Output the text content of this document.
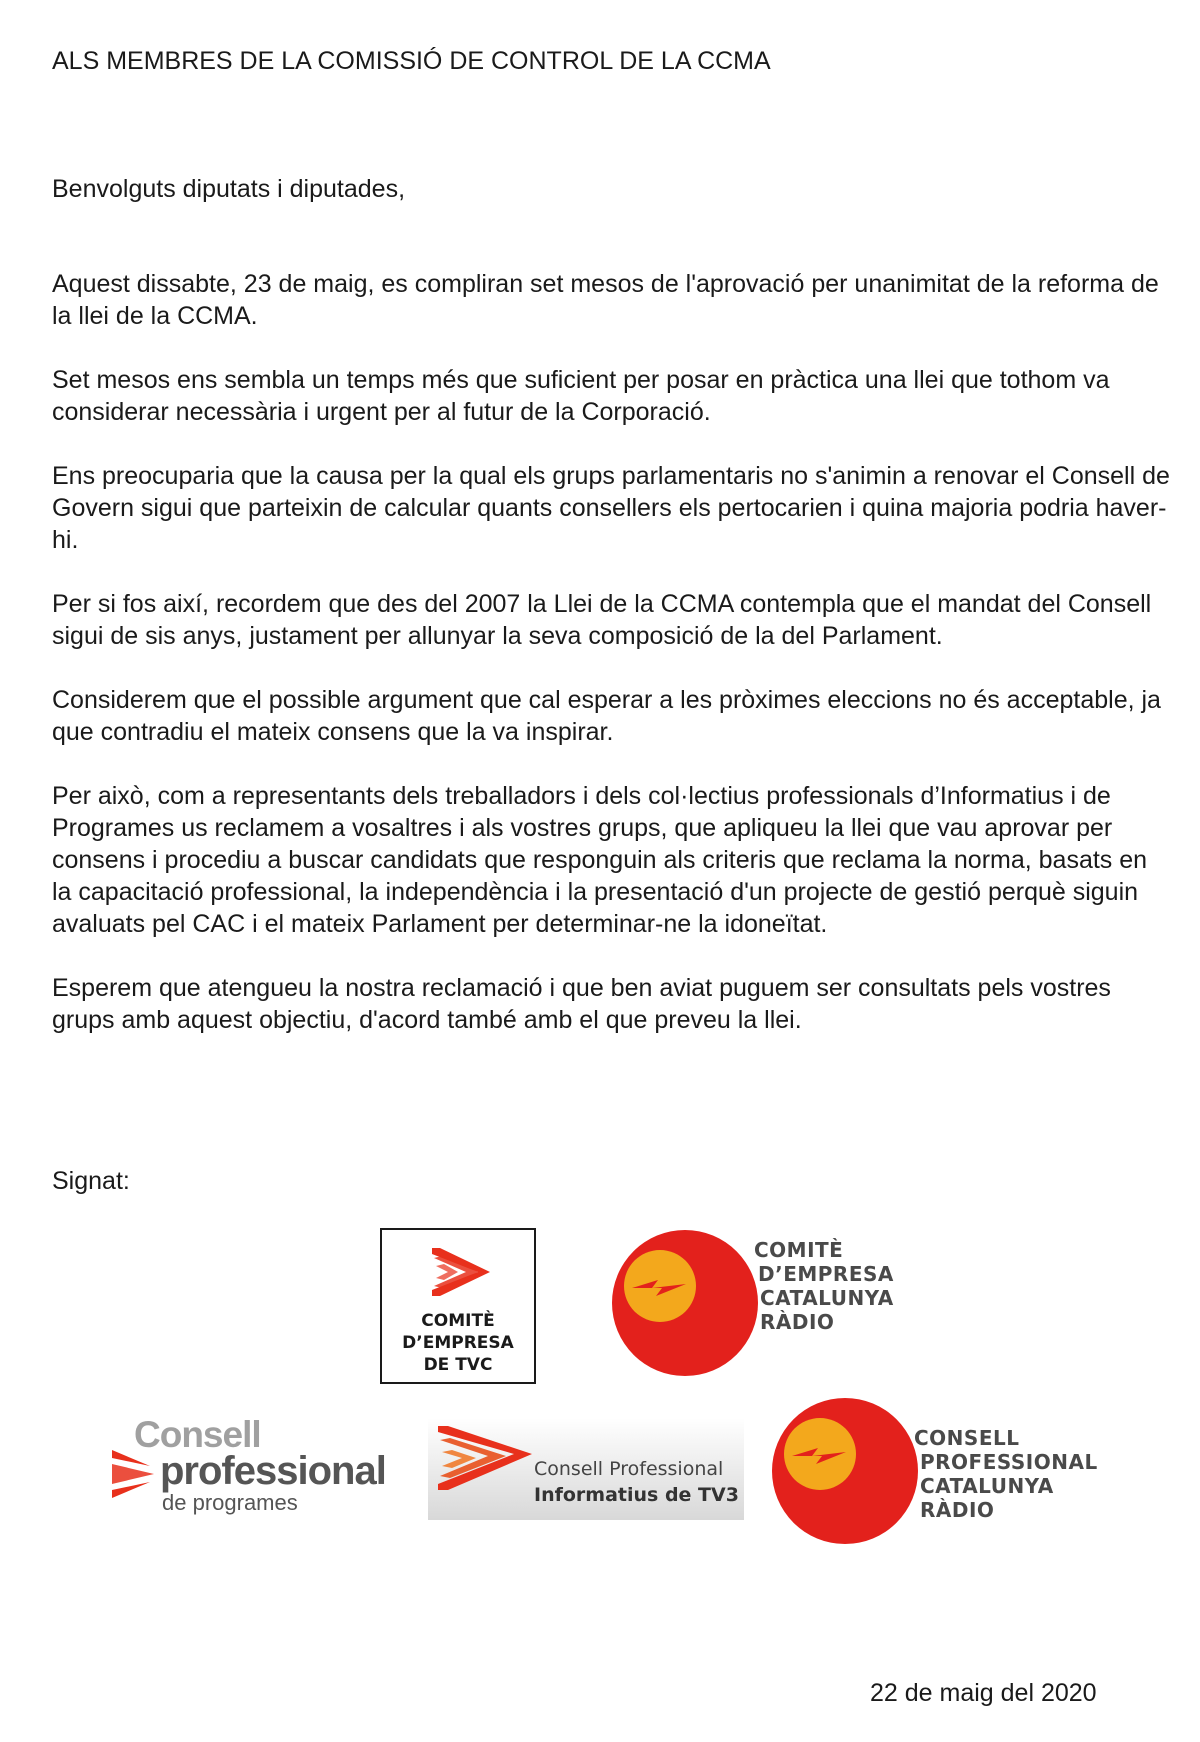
ALS MEMBRES DE LA COMISSIÓ DE CONTROL DE LA CCMA
Benvolguts diputats i diputades,

Aquest dissabte, 23 de maig, es compliran set mesos de l'aprovació per unanimitat de la reforma de la llei de la CCMA.

Set mesos ens sembla un temps més que suficient per posar en pràctica una llei que tothom va considerar necessària i urgent per al futur de la Corporació.

Ens preocuparia que la causa per la qual els grups parlamentaris no s'animin a renovar el Consell de Govern sigui que parteixin de calcular quants consellers els pertocarien i quina majoria podria haver-hi.

Per si fos així, recordem que des del 2007 la Llei de la CCMA contempla que el mandat del Consell sigui de sis anys, justament per allunyar la seva composició de la del Parlament.

Considerem que el possible argument que cal esperar a les pròximes eleccions no és acceptable, ja que contradiu el mateix consens que la va inspirar.

Per això, com a representants dels treballadors i dels col·lectius professionals d’Informatius i de Programes us reclamem a vosaltres i als vostres grups, que apliqueu la llei que vau aprovar per consens i procediu a buscar candidats que responguin als criteris que reclama la norma, basats en la capacitació professional, la independència i la presentació d'un projecte de gestió perquè siguin avaluats pel CAC i el mateix Parlament per determinar-ne la idoneïtat.

Esperem que atengueu la nostra reclamació i que ben aviat puguem ser consultats pels vostres grups amb aquest objectiu, d'acord també amb el que preveu la llei.

Signat:
COMITÈ
D’EMPRESA
DE TVC
COMITÈ
D’EMPRESA
CATALUNYA
RÀDIO
Consell
professional
de programes
Consell Professional
Informatius de TV3
CONSELL
PROFESSIONAL
CATALUNYA
RÀDIO
22 de maig del 2020
